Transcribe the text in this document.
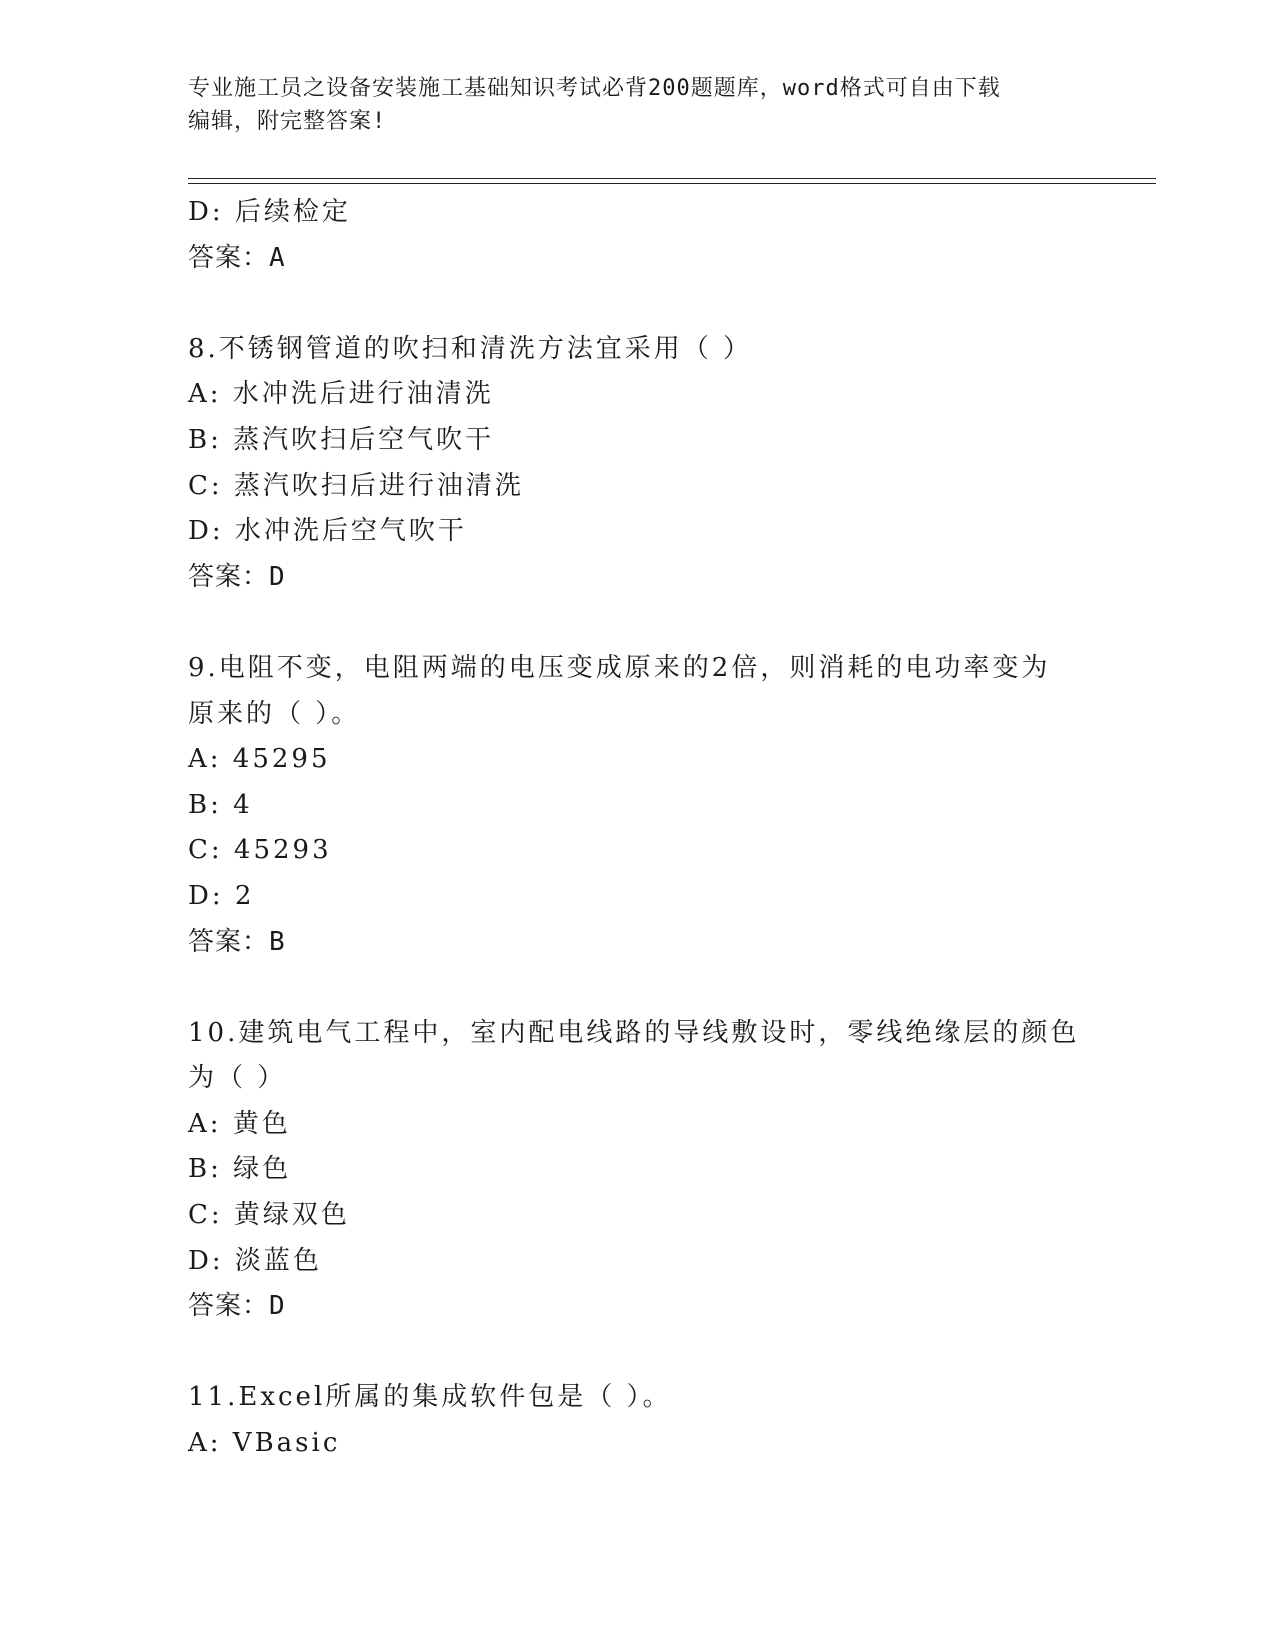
专业施工员之设备安装施工基础知识考试必背200题题库，word格式可自由下载
编辑，附完整答案!
D: 后续检定
答案：A
8.不锈钢管道的吹扫和清洗方法宜采用（ ）
A: 水冲洗后进行油清洗
B: 蒸汽吹扫后空气吹干
C: 蒸汽吹扫后进行油清洗
D: 水冲洗后空气吹干
答案：D
9.电阻不变，电阻两端的电压变成原来的2倍，则消耗的电功率变为
原来的（ ）。
A: 45295
B: 4
C: 45293
D: 2
答案：B
10.建筑电气工程中，室内配电线路的导线敷设时，零线绝缘层的颜色
为（ ）
A: 黄色
B: 绿色
C: 黄绿双色
D: 淡蓝色
答案：D
11.Excel所属的集成软件包是（ ）。
A: VBasic
